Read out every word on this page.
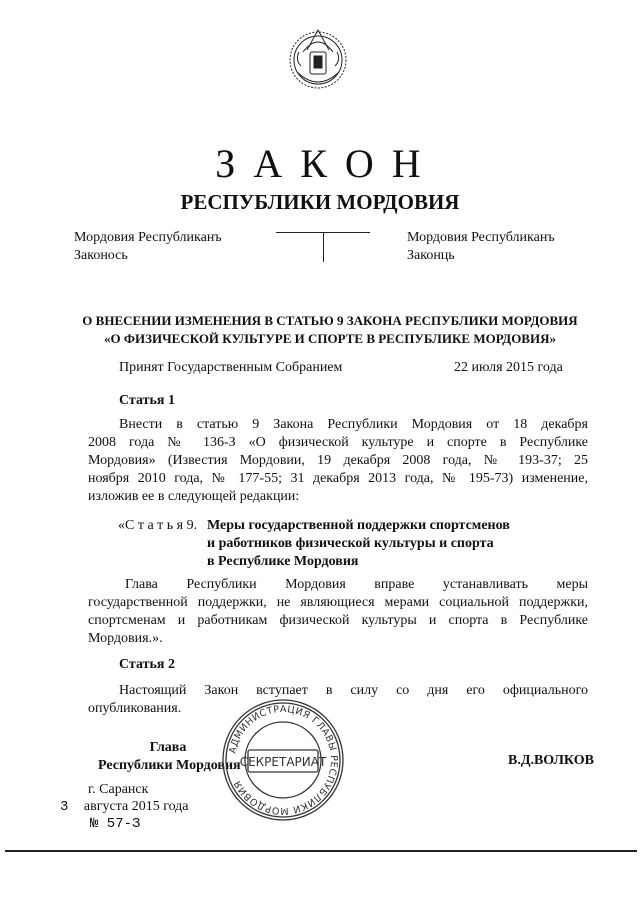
З А К О Н
РЕСПУБЛИКИ МОРДОВИЯ
Мордовия Республиканъ
Законось
Мордовия Республиканъ
Законць
О ВНЕСЕНИИ ИЗМЕНЕНИЯ В СТАТЬЮ 9 ЗАКОНА РЕСПУБЛИКИ МОРДОВИЯ
«О ФИЗИЧЕСКОЙ КУЛЬТУРЕ И СПОРТЕ В РЕСПУБЛИКЕ МОРДОВИЯ»
Принят Государственным Собранием	22 июля 2015 года
Статья 1
Внести в статью 9 Закона Республики Мордовия от 18 декабря
2008 года № 136-З «О физической культуре и спорте в Республике
Мордовия» (Известия Мордовии, 19 декабря 2008 года, № 193-37; 25
ноября 2010 года, № 177-55; 31 декабря 2013 года, № 195-73) изменение,
изложив ее в следующей редакции:
«С т а т ь я 9. Меры государственной поддержки спортсменов
и работников физической культуры и спорта
в Республике Мордовия
Глава Республики Мордовия вправе устанавливать меры
государственной поддержки, не являющиеся мерами социальной поддержки,
спортсменам и работникам физической культуры и спорта в Республике
Мордовия.».
Статья 2
Настоящий Закон вступает в силу со дня его официального
опубликования.
Глава
Республики Мордовия	В.Д.ВОЛКОВ
АДМИНИСТРАЦИЯ ГЛАВЫ РЕСПУБЛИКИ МОРДОВИЯ
СЕКРЕТАРИАТ
г. Саранск
3 августа 2015 года
№ 57-З
